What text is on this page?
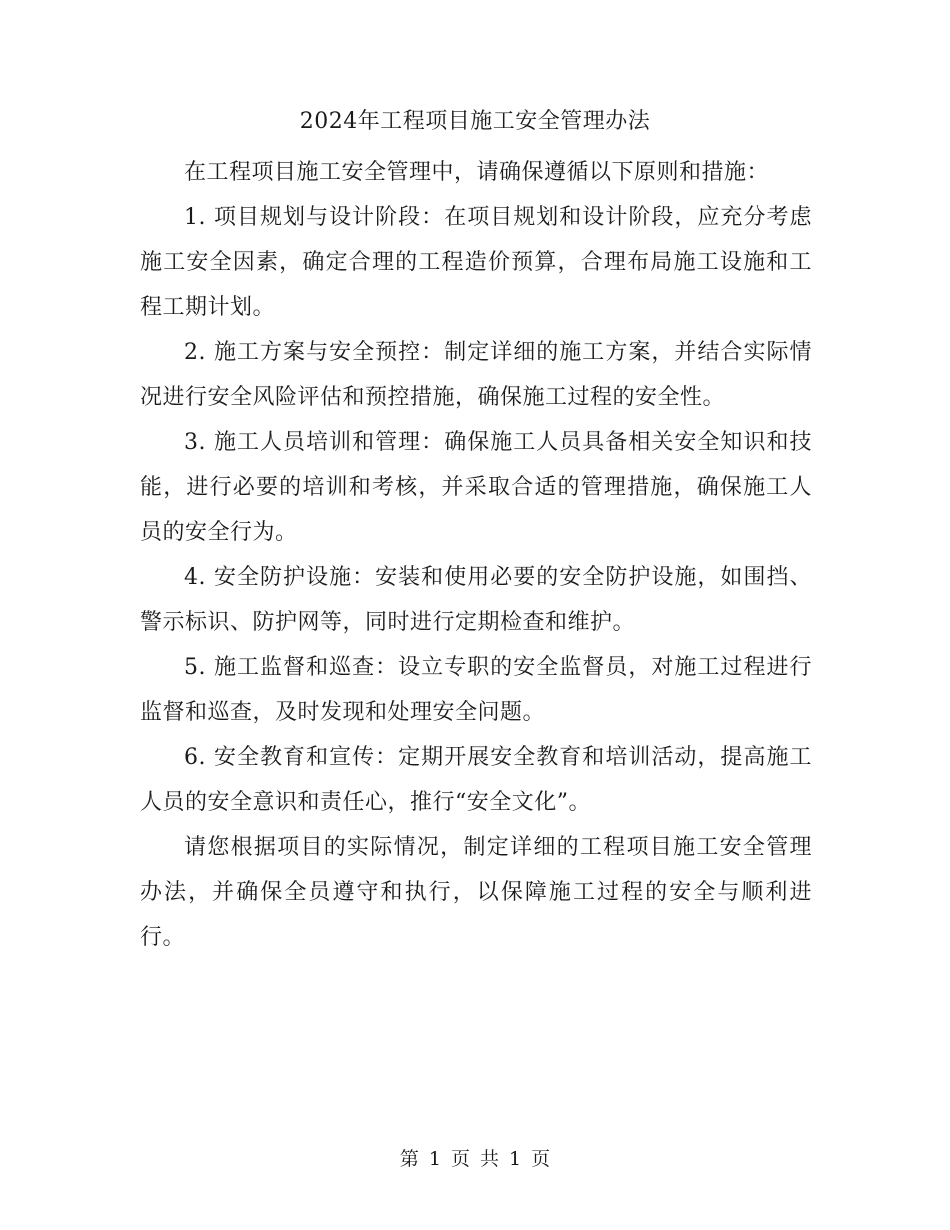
2024年工程项目施工安全管理办法

在工程项目施工安全管理中，请确保遵循以下原则和措施：

1. 项目规划与设计阶段：在项目规划和设计阶段，应充分考虑施工安全因素，确定合理的工程造价预算，合理布局施工设施和工程工期计划。

2. 施工方案与安全预控：制定详细的施工方案，并结合实际情况进行安全风险评估和预控措施，确保施工过程的安全性。

3. 施工人员培训和管理：确保施工人员具备相关安全知识和技能，进行必要的培训和考核，并采取合适的管理措施，确保施工人员的安全行为。

4. 安全防护设施：安装和使用必要的安全防护设施，如围挡、警示标识、防护网等，同时进行定期检查和维护。

5. 施工监督和巡查：设立专职的安全监督员，对施工过程进行监督和巡查，及时发现和处理安全问题。

6. 安全教育和宣传：定期开展安全教育和培训活动，提高施工人员的安全意识和责任心，推行“安全文化”。

请您根据项目的实际情况，制定详细的工程项目施工安全管理办法，并确保全员遵守和执行，以保障施工过程的安全与顺利进行。

第 1 页 共 1 页
